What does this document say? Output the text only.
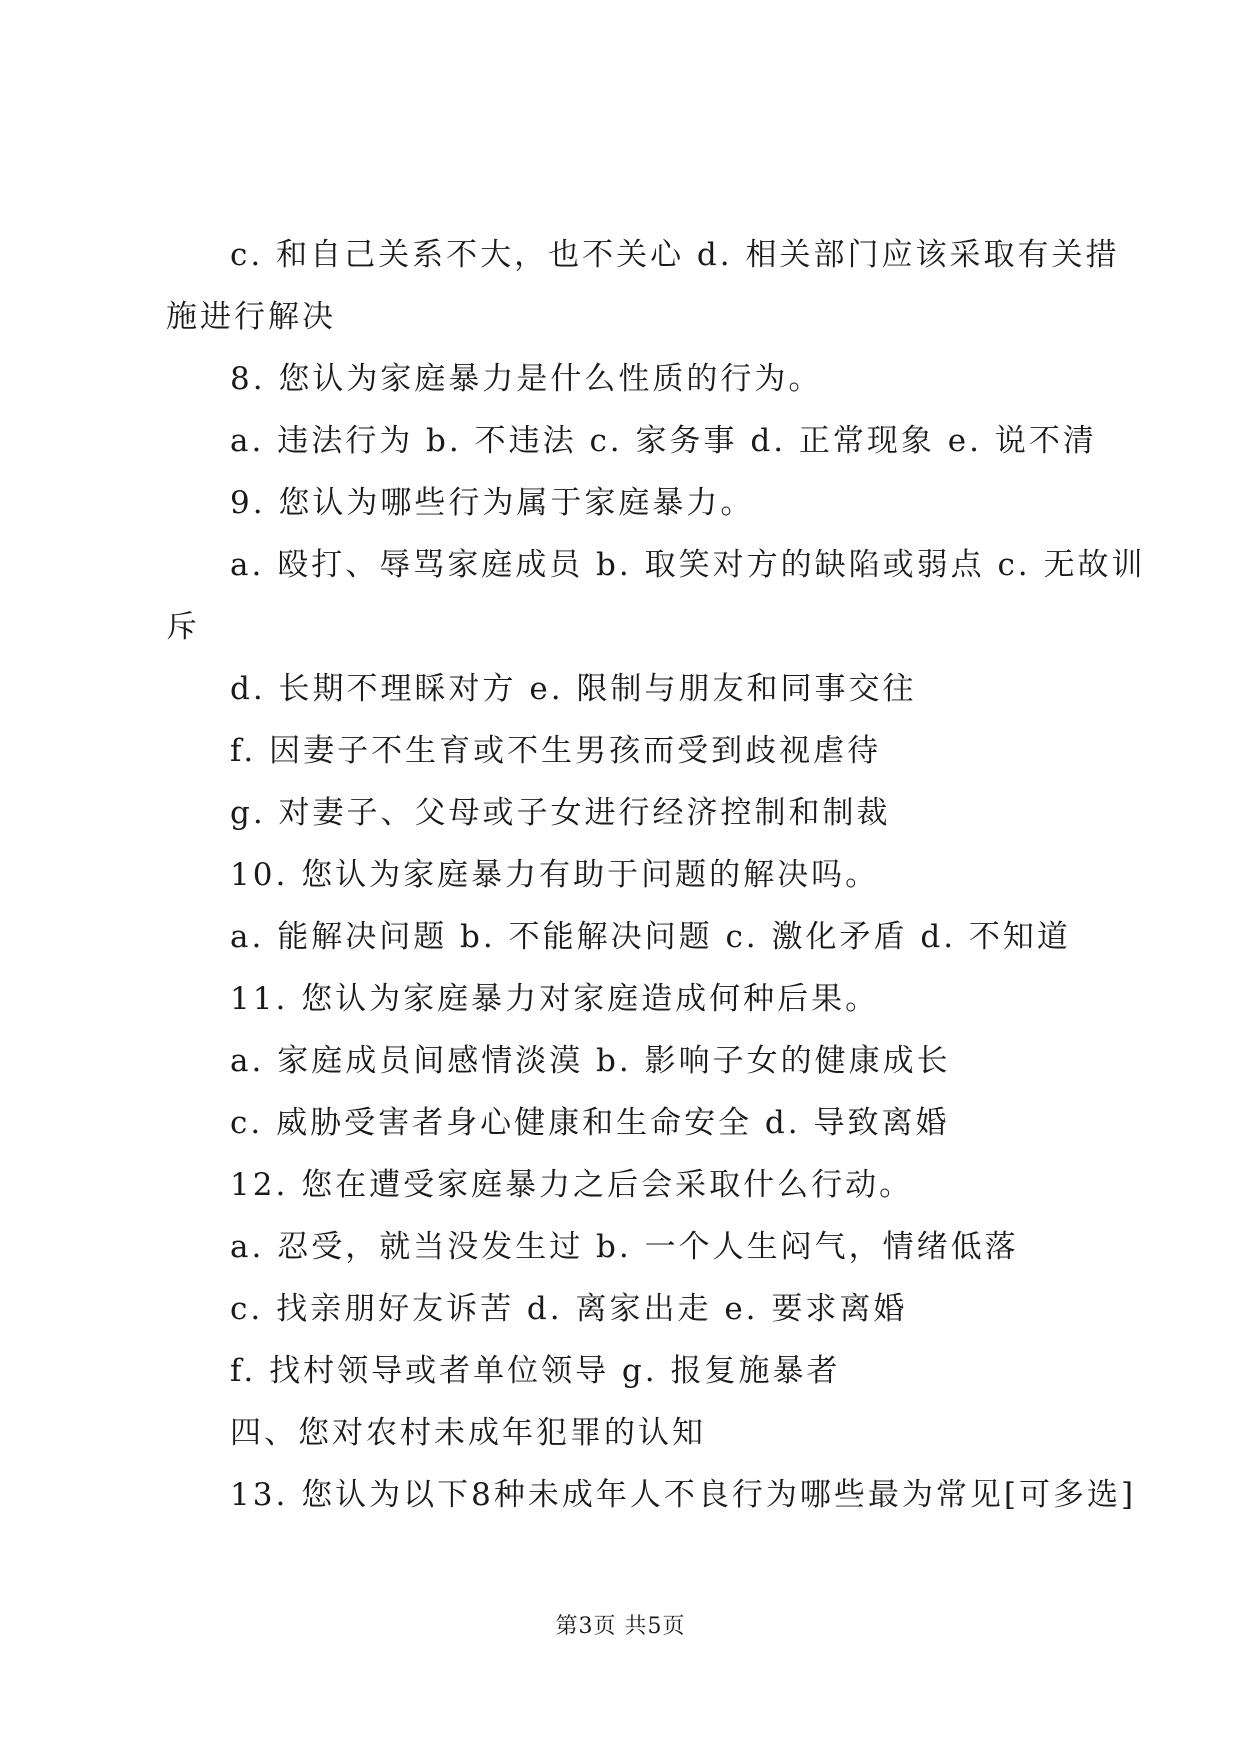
c. 和自己关系不大，也不关心 d. 相关部门应该采取有关措
施进行解决
8. 您认为家庭暴力是什么性质的行为。
a. 违法行为 b. 不违法 c. 家务事 d. 正常现象 e. 说不清
9. 您认为哪些行为属于家庭暴力。
a. 殴打、辱骂家庭成员 b. 取笑对方的缺陷或弱点 c. 无故训
斥
d. 长期不理睬对方 e. 限制与朋友和同事交往
f. 因妻子不生育或不生男孩而受到歧视虐待
g. 对妻子、父母或子女进行经济控制和制裁
10. 您认为家庭暴力有助于问题的解决吗。
a. 能解决问题 b. 不能解决问题 c. 激化矛盾 d. 不知道
11. 您认为家庭暴力对家庭造成何种后果。
a. 家庭成员间感情淡漠 b. 影响子女的健康成长
c. 威胁受害者身心健康和生命安全 d. 导致离婚
12. 您在遭受家庭暴力之后会采取什么行动。
a. 忍受，就当没发生过 b. 一个人生闷气，情绪低落
c. 找亲朋好友诉苦 d. 离家出走 e. 要求离婚
f. 找村领导或者单位领导 g. 报复施暴者
四、您对农村未成年犯罪的认知
13. 您认为以下8种未成年人不良行为哪些最为常见[可多选]
第3页 共5页
